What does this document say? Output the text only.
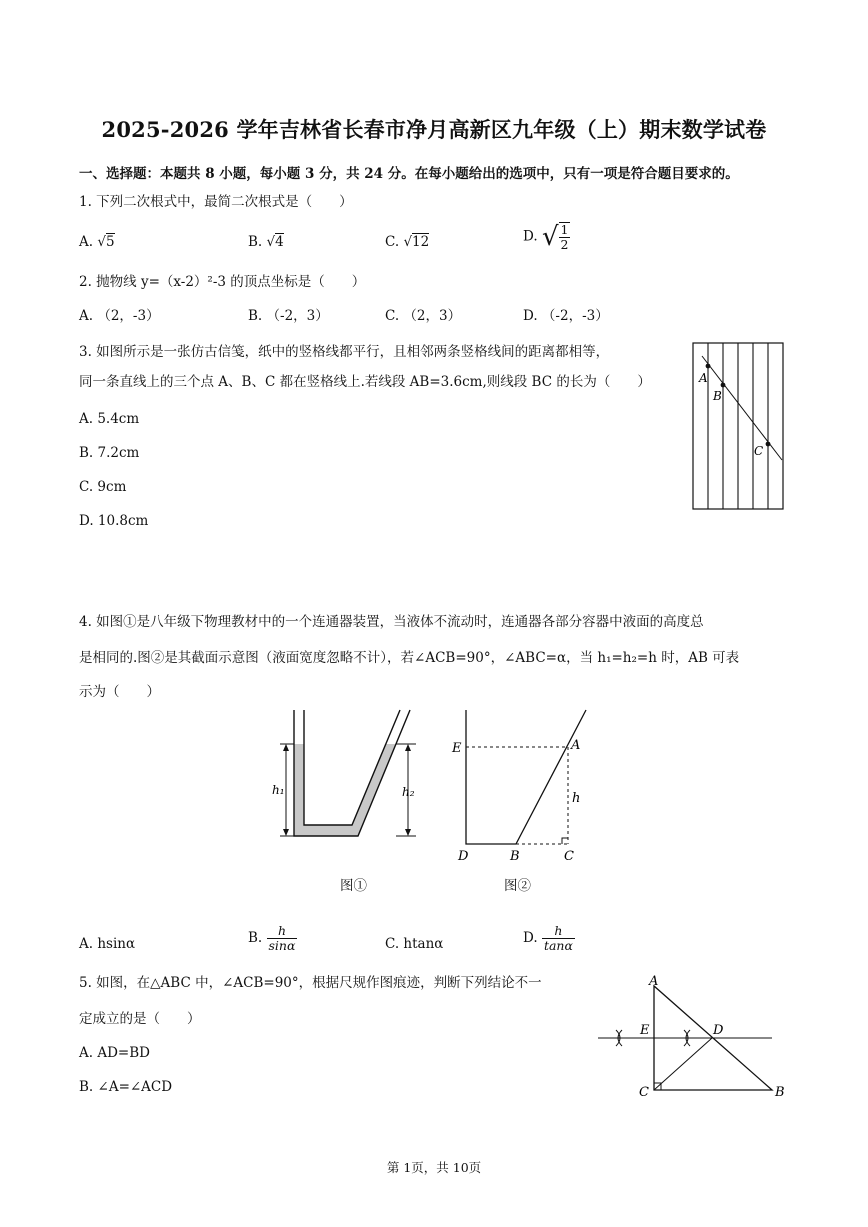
2025-2026 学年吉林省长春市净月高新区九年级（上）期末数学试卷
一、选择题：本题共 8 小题，每小题 3 分，共 24 分。在每小题给出的选项中，只有一项是符合题目要求的。
1. 下列二次根式中，最简二次根式是（　　）
A. √5	B. √4	C. √12	D. √ $\frac{1}{2}$
2. 抛物线 y=（x-2）²-3 的顶点坐标是（　　）
A. （2，-3）	B. （-2，3）	C. （2，3）	D. （-2，-3）
3. 如图所示是一张仿古信笺，纸中的竖格线都平行，且相邻两条竖格线间的距离都相等，
同一条直线上的三个点 A、B、C 都在竖格线上.若线段 AB=3.6cm,则线段 BC 的长为（　　）
A. 5.4cm
B. 7.2cm
C. 9cm
D. 10.8cm
A
B
C
4. 如图①是八年级下物理教材中的一个连通器装置，当液体不流动时，连通器各部分容器中液面的高度总
是相同的.图②是其截面示意图（液面宽度忽略不计），若∠ACB=90°，∠ABC=α，当 h₁=h₂=h 时，AB 可表
示为（　　）
h₁	h₂
图①
E	A
h
D	B	C
图②
A. hsinα	B. $\frac{h}{\sin\alpha}$	C. htanα	D. $\frac{h}{\tan\alpha}$
5. 如图，在△ABC 中，∠ACB=90°，根据尺规作图痕迹，判断下列结论不一
定成立的是（　　）
A. AD=BD
B. ∠A=∠ACD
A
E	D
C	B
第 1页，共 10页
